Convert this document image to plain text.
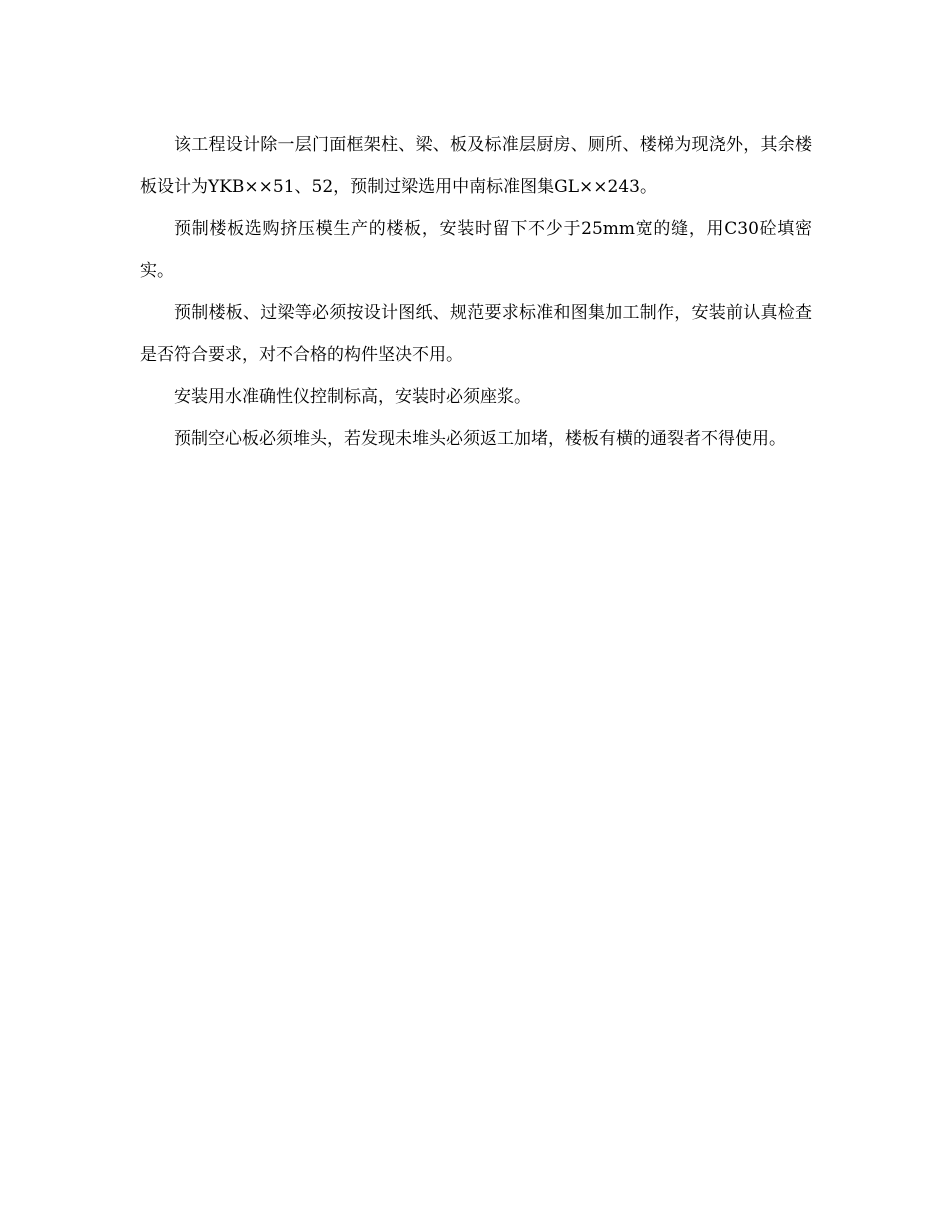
该工程设计除一层门面框架柱、梁、板及标准层厨房、厕所、楼梯为现浇外，其余楼板设计为YKB××51、52，预制过梁选用中南标准图集GL××243。

预制楼板选购挤压模生产的楼板，安装时留下不少于25mm宽的缝，用C30砼填密实。

预制楼板、过梁等必须按设计图纸、规范要求标准和图集加工制作，安装前认真检查是否符合要求，对不合格的构件坚决不用。

安装用水准确性仪控制标高，安装时必须座浆。

预制空心板必须堆头，若发现未堆头必须返工加堵，楼板有横的通裂者不得使用。
